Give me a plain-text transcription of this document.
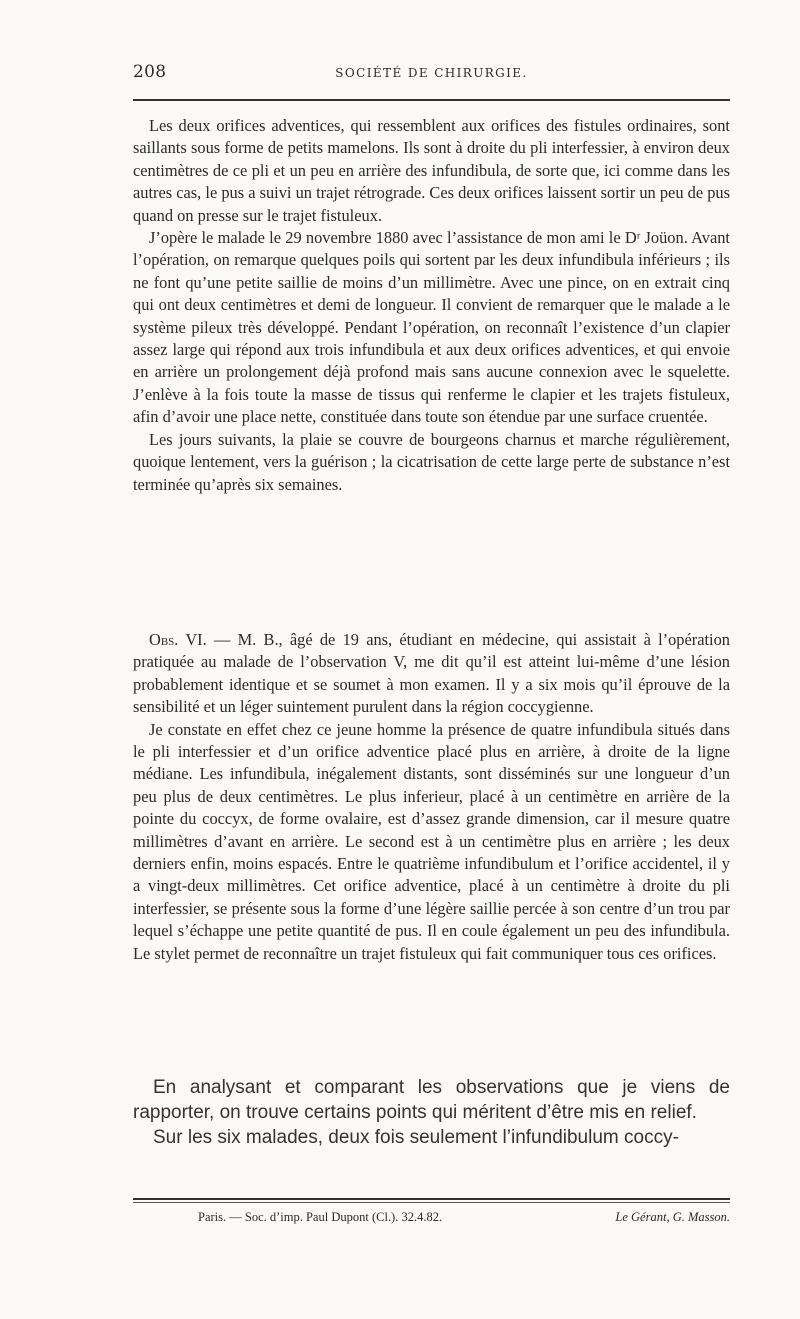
208	SOCIÉTÉ DE CHIRURGIE.

Les deux orifices adventices, qui ressemblent aux orifices des fistules ordinaires, sont saillants sous forme de petits mamelons. Ils sont à droite du pli interfessier, à environ deux centimètres de ce pli et un peu en arrière des infundibula, de sorte que, ici comme dans les autres cas, le pus a suivi un trajet rétrograde. Ces deux orifices laissent sortir un peu de pus quand on presse sur le trajet fistuleux.

J’opère le malade le 29 novembre 1880 avec l’assistance de mon ami le Dʳ Joüon. Avant l’opération, on remarque quelques poils qui sortent par les deux infundibula inférieurs ; ils ne font qu’une petite saillie de moins d’un millimètre. Avec une pince, on en extrait cinq qui ont deux centimètres et demi de longueur. Il convient de remarquer que le malade a le système pileux très développé. Pendant l’opération, on reconnaît l’existence d’un clapier assez large qui répond aux trois infundibula et aux deux orifices adventices, et qui envoie en arrière un prolongement déjà profond mais sans aucune connexion avec le squelette. J’enlève à la fois toute la masse de tissus qui renferme le clapier et les trajets fistuleux, afin d’avoir une place nette, constituée dans toute son étendue par une surface cruentée.

Les jours suivants, la plaie se couvre de bourgeons charnus et marche régulièrement, quoique lentement, vers la guérison ; la cicatrisation de cette large perte de substance n’est terminée qu’après six semaines.

Obs. VI. — M. B., âgé de 19 ans, étudiant en médecine, qui assistait à l’opération pratiquée au malade de l’observation V, me dit qu’il est atteint lui-même d’une lésion probablement identique et se soumet à mon examen. Il y a six mois qu’il éprouve de la sensibilité et un léger suintement purulent dans la région coccygienne.

Je constate en effet chez ce jeune homme la présence de quatre infundibula situés dans le pli interfessier et d’un orifice adventice placé plus en arrière, à droite de la ligne médiane. Les infundibula, inégalement distants, sont disséminés sur une longueur d’un peu plus de deux centimètres. Le plus inferieur, placé à un centimètre en arrière de la pointe du coccyx, de forme ovalaire, est d’assez grande dimension, car il mesure quatre millimètres d’avant en arrière. Le second est à un centimètre plus en arrière ; les deux derniers enfin, moins espacés. Entre le quatrième infundibulum et l’orifice accidentel, il y a vingt-deux millimètres. Cet orifice adventice, placé à un centimètre à droite du pli interfessier, se présente sous la forme d’une légère saillie percée à son centre d’un trou par lequel s’échappe une petite quantité de pus. Il en coule également un peu des infundibula. Le stylet permet de reconnaître un trajet fistuleux qui fait communiquer tous ces orifices.

En analysant et comparant les observations que je viens de rapporter, on trouve certains points qui méritent d’être mis en relief.

Sur les six malades, deux fois seulement l’infundibulum coccy-

Paris. — Soc. d’imp. Paul Dupont (Cl.). 32.4.82.	Le Gérant, G. Masson.
